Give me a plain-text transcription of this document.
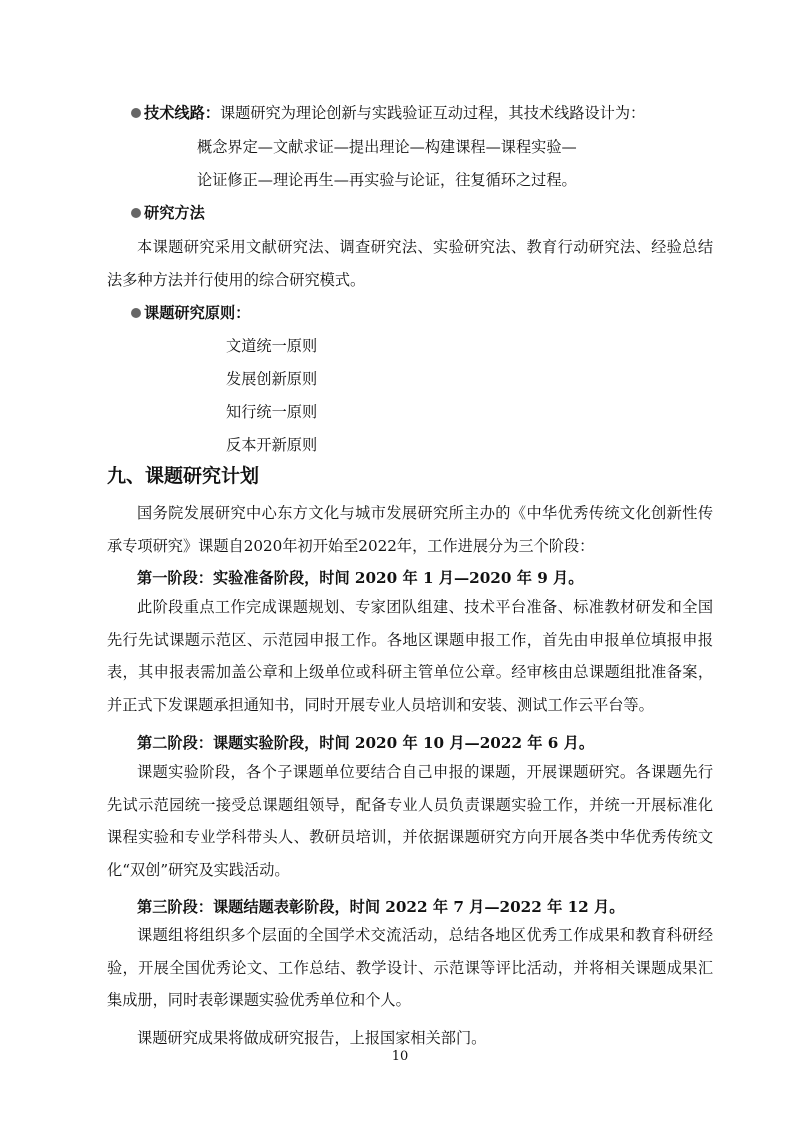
技术线路：课题研究为理论创新与实践验证互动过程，其技术线路设计为：
概念界定—文献求证—提出理论—构建课程—课程实验—
论证修正—理论再生—再实验与论证，往复循环之过程。
研究方法

本课题研究采用文献研究法、调查研究法、实验研究法、教育行动研究法、经验总结法多种方法并行使用的综合研究模式。

课题研究原则：
文道统一原则
发展创新原则
知行统一原则
反本开新原则
九、课题研究计划

国务院发展研究中心东方文化与城市发展研究所主办的《中华优秀传统文化创新性传承专项研究》课题自2020年初开始至2022年，工作进展分为三个阶段：

第一阶段：实验准备阶段，时间 2020 年 1 月—2020 年 9 月。

此阶段重点工作完成课题规划、专家团队组建、技术平台准备、标准教材研发和全国先行先试课题示范区、示范园申报工作。各地区课题申报工作，首先由申报单位填报申报表，其申报表需加盖公章和上级单位或科研主管单位公章。经审核由总课题组批准备案，并正式下发课题承担通知书，同时开展专业人员培训和安装、测试工作云平台等。

第二阶段：课题实验阶段，时间 2020 年 10 月—2022 年 6 月。

课题实验阶段，各个子课题单位要结合自己申报的课题，开展课题研究。各课题先行先试示范园统一接受总课题组领导，配备专业人员负责课题实验工作，并统一开展标准化课程实验和专业学科带头人、教研员培训，并依据课题研究方向开展各类中华优秀传统文化“双创”研究及实践活动。

第三阶段：课题结题表彰阶段，时间 2022 年 7 月—2022 年 12 月。

课题组将组织多个层面的全国学术交流活动，总结各地区优秀工作成果和教育科研经验，开展全国优秀论文、工作总结、教学设计、示范课等评比活动，并将相关课题成果汇集成册，同时表彰课题实验优秀单位和个人。

课题研究成果将做成研究报告，上报国家相关部门。
10
